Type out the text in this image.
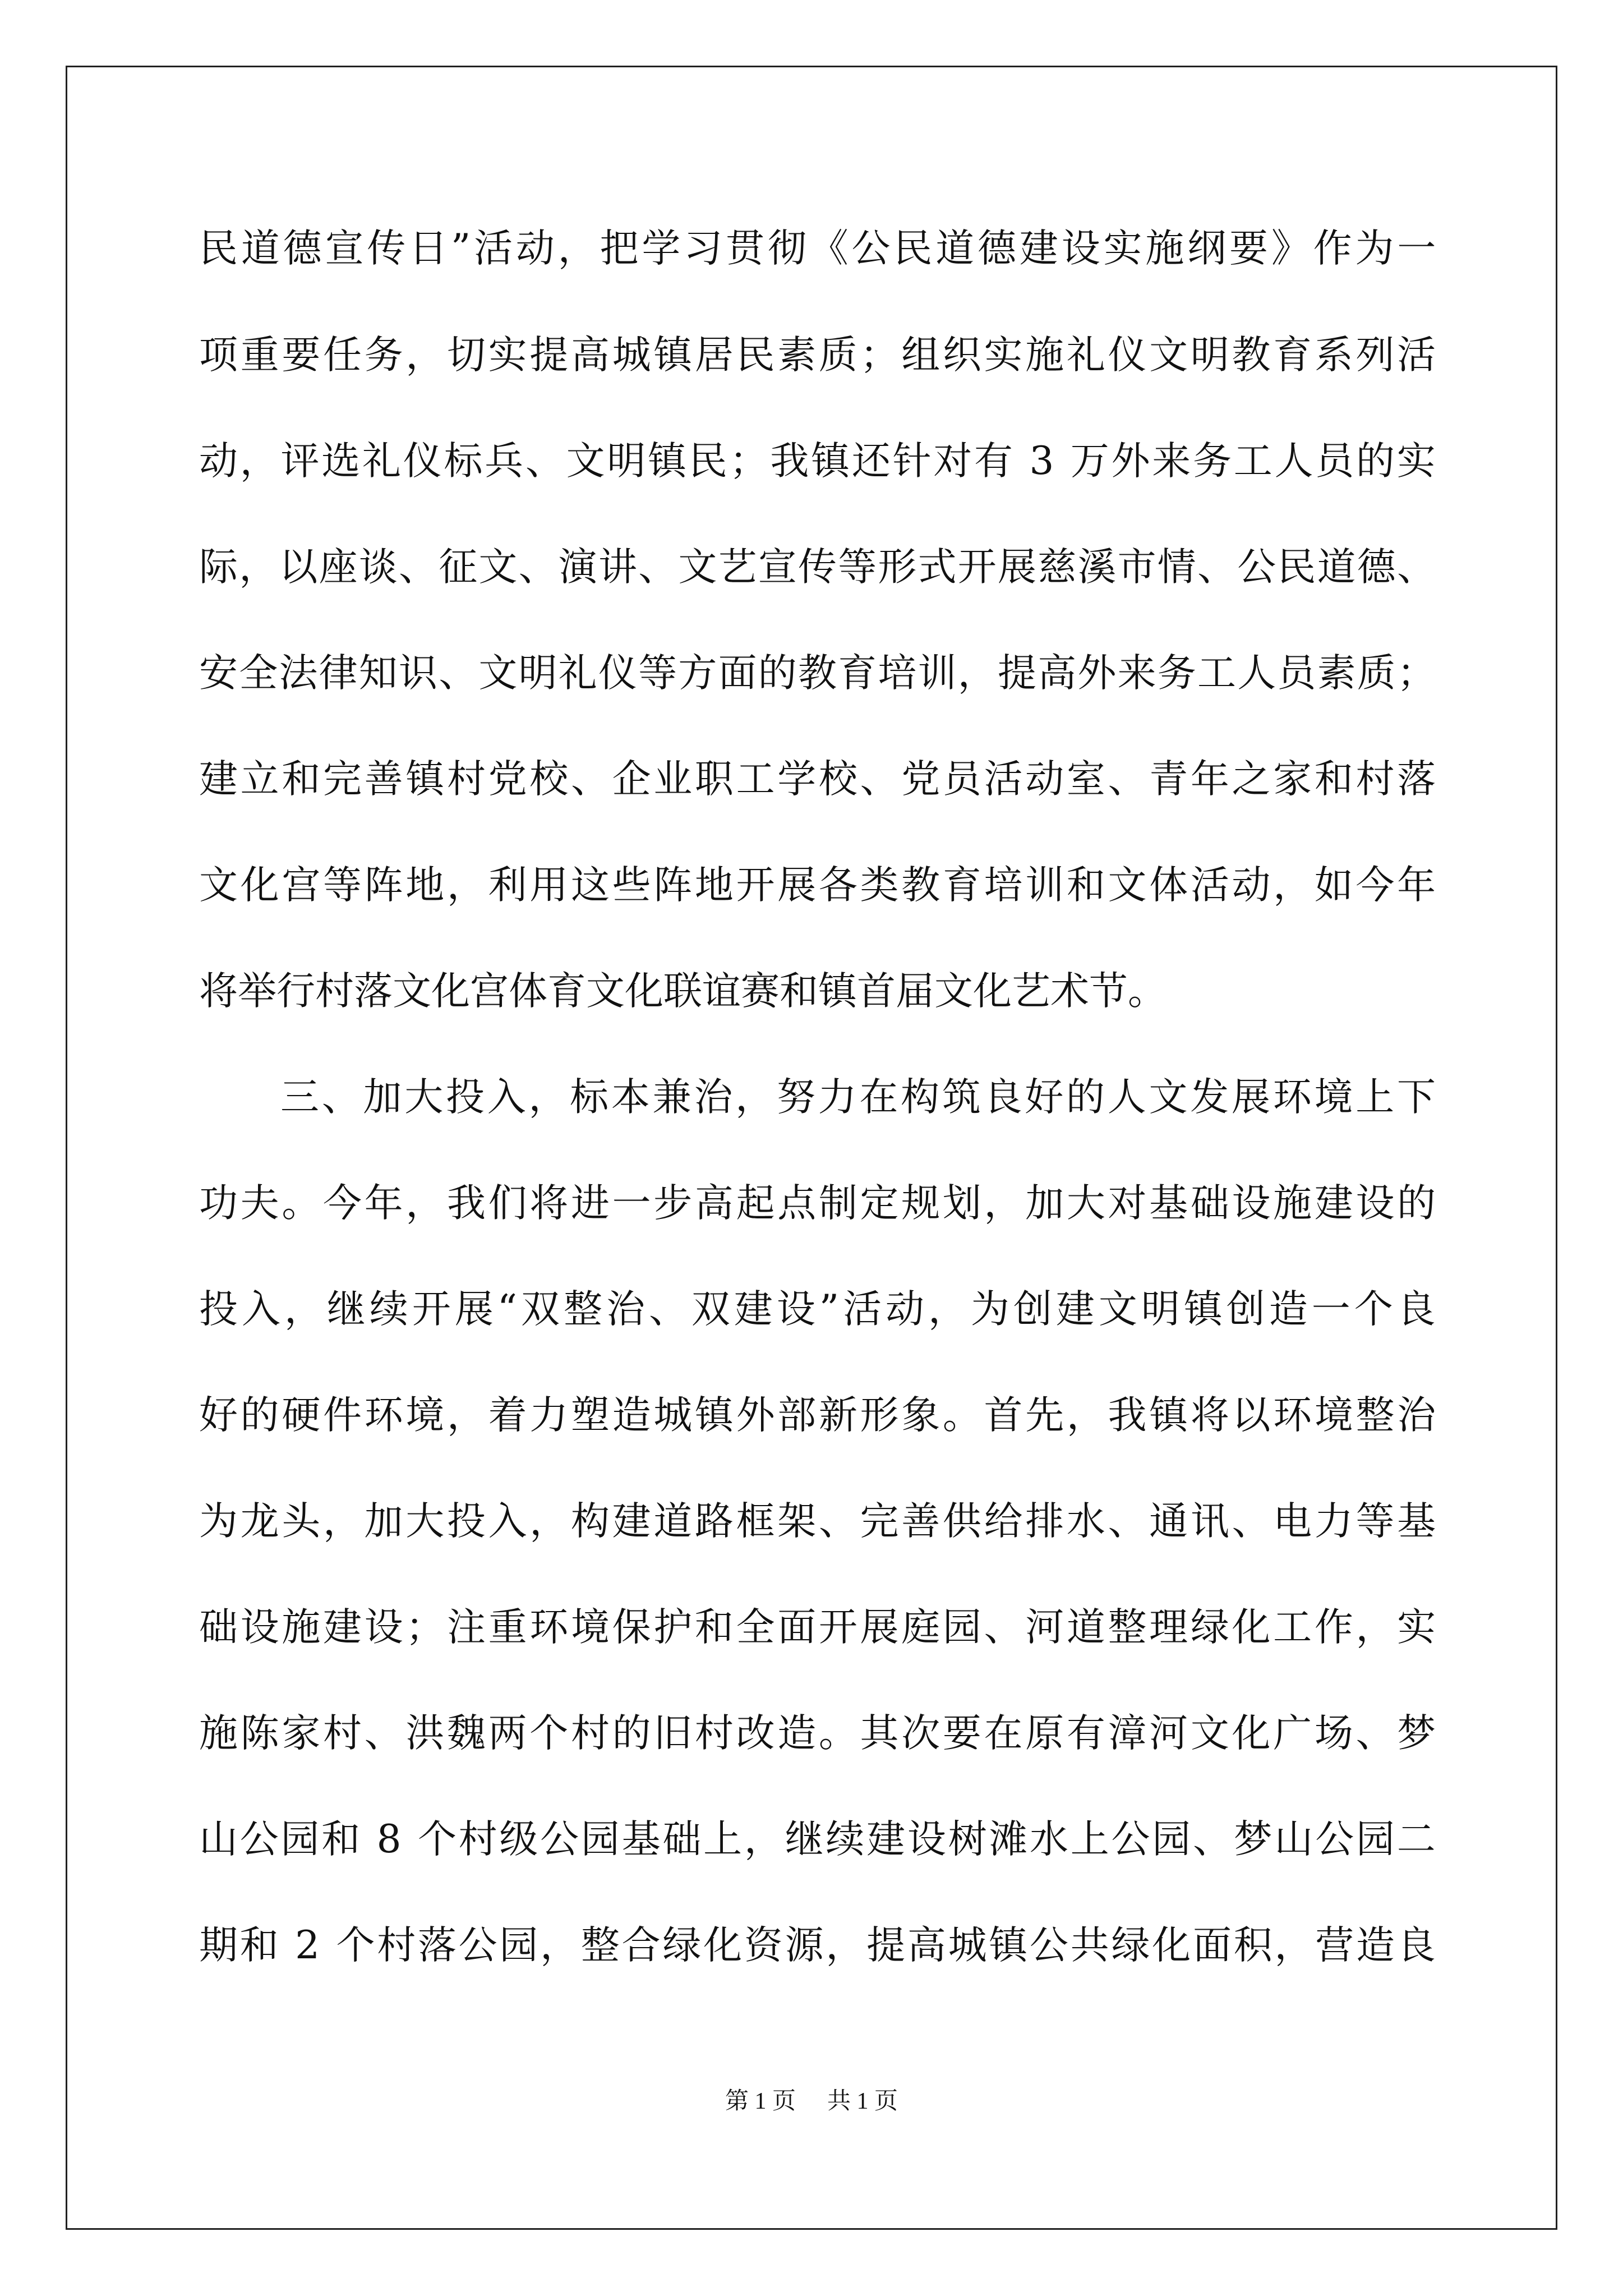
民道德宣传日”活动，把学习贯彻《公民道德建设实施纲要》作为一
项重要任务，切实提高城镇居民素质；组织实施礼仪文明教育系列活
动，评选礼仪标兵、文明镇民；我镇还针对有 3 万外来务工人员的实
际，以座谈、征文、演讲、文艺宣传等形式开展慈溪市情、公民道德、
安全法律知识、文明礼仪等方面的教育培训，提高外来务工人员素质；
建立和完善镇村党校、企业职工学校、党员活动室、青年之家和村落
文化宫等阵地，利用这些阵地开展各类教育培训和文体活动，如今年
将举行村落文化宫体育文化联谊赛和镇首届文化艺术节。
三、加大投入，标本兼治，努力在构筑良好的人文发展环境上下
功夫。今年，我们将进一步高起点制定规划，加大对基础设施建设的
投入，继续开展“双整治、双建设”活动，为创建文明镇创造一个良
好的硬件环境，着力塑造城镇外部新形象。首先，我镇将以环境整治
为龙头，加大投入，构建道路框架、完善供给排水、通讯、电力等基
础设施建设；注重环境保护和全面开展庭园、河道整理绿化工作，实
施陈家村、洪魏两个村的旧村改造。其次要在原有漳河文化广场、梦
山公园和 8 个村级公园基础上，继续建设树滩水上公园、梦山公园二
期和 2 个村落公园，整合绿化资源，提高城镇公共绿化面积，营造良
第 1 页 共 1 页
